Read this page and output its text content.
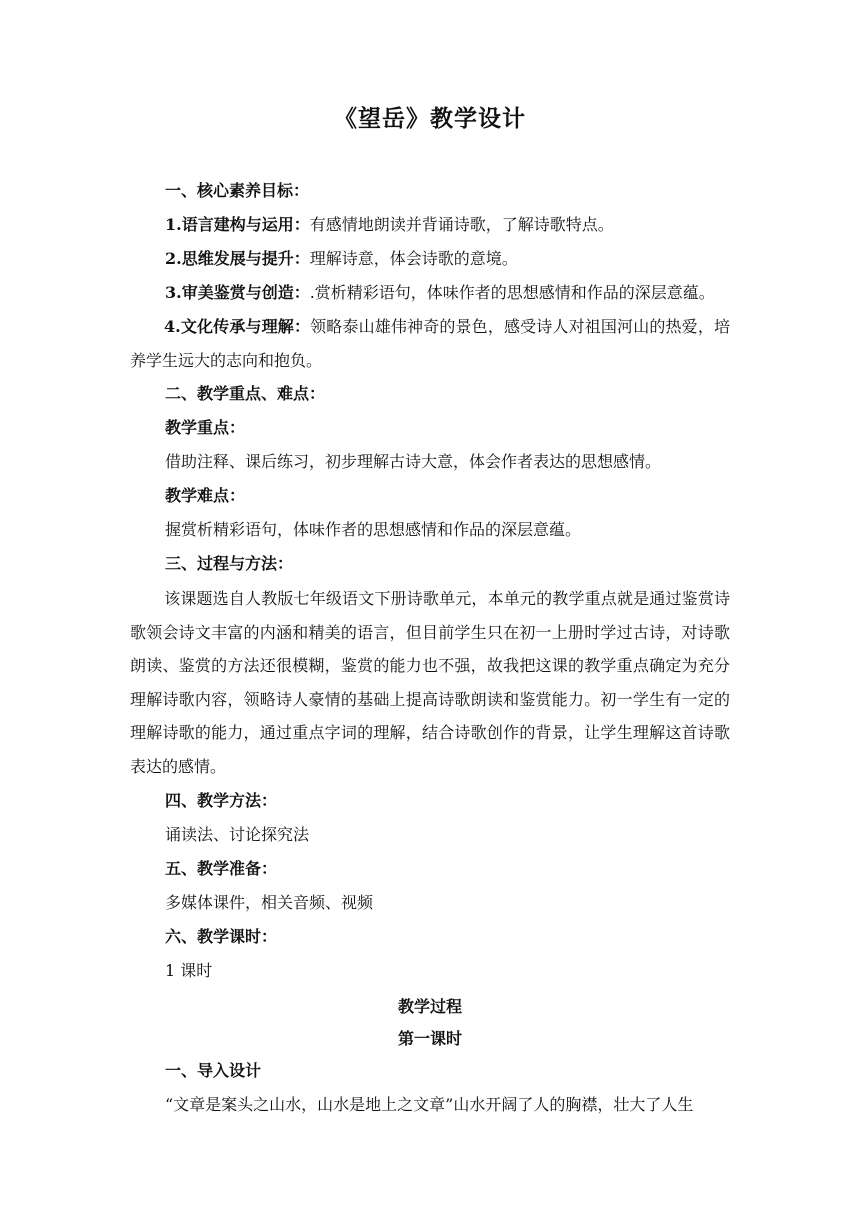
《望岳》教学设计
一、核心素养目标：
1.语言建构与运用：有感情地朗读并背诵诗歌，了解诗歌特点。
2.思维发展与提升：理解诗意，体会诗歌的意境。
3.审美鉴赏与创造：.赏析精彩语句，体味作者的思想感情和作品的深层意蕴。
4.文化传承与理解：领略泰山雄伟神奇的景色，感受诗人对祖国河山的热爱，培养学生远大的志向和抱负。
二、教学重点、难点：
教学重点：
借助注释、课后练习，初步理解古诗大意，体会作者表达的思想感情。
教学难点：
握赏析精彩语句，体味作者的思想感情和作品的深层意蕴。
三、过程与方法：
该课题选自人教版七年级语文下册诗歌单元，本单元的教学重点就是通过鉴赏诗歌领会诗文丰富的内涵和精美的语言，但目前学生只在初一上册时学过古诗，对诗歌朗读、鉴赏的方法还很模糊，鉴赏的能力也不强，故我把这课的教学重点确定为充分理解诗歌内容，领略诗人豪情的基础上提高诗歌朗读和鉴赏能力。初一学生有一定的理解诗歌的能力，通过重点字词的理解，结合诗歌创作的背景，让学生理解这首诗歌表达的感情。
四、教学方法：
诵读法、讨论探究法
五、教学准备：
多媒体课件，相关音频、视频
六、教学课时：
1 课时
教学过程
第一课时
一、导入设计
“文章是案头之山水，山水是地上之文章”山水开阔了人的胸襟，壮大了人生
